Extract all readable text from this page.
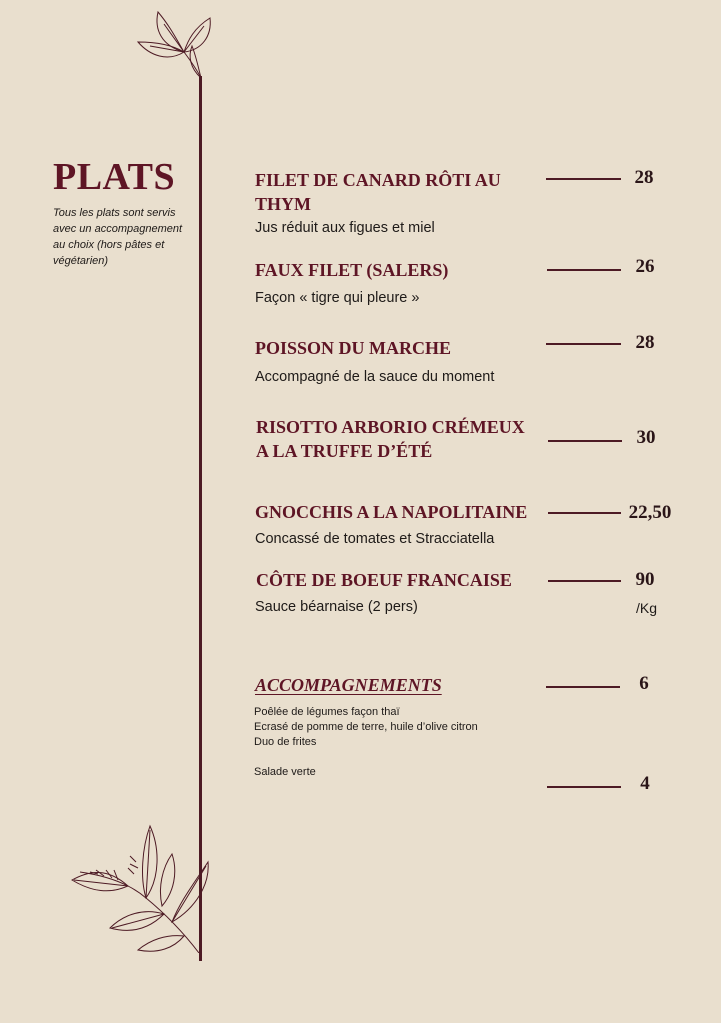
PLATS
Tous les plats sont servis avec un accompagnement au choix (hors pâtes et végétarien)
FILET DE CANARD RÔTI AU
THYM
Jus réduit aux figues et miel
28
FAUX FILET (SALERS)
Façon « tigre qui pleure »
26
POISSON DU MARCHE
Accompagné de la sauce du moment
28
RISOTTO ARBORIO CRÉMEUX
A LA TRUFFE D’ÉTÉ
30
GNOCCHIS A LA NAPOLITAINE
Concassé de tomates et Stracciatella
22,50
CÔTE DE BOEUF FRANCAISE
Sauce béarnaise (2 pers)
90
/Kg
ACCOMPAGNEMENTS	6
Poêlée de légumes façon thaï
Ecrasé de pomme de terre, huile d’olive citron
Duo de frites
Salade verte
4
